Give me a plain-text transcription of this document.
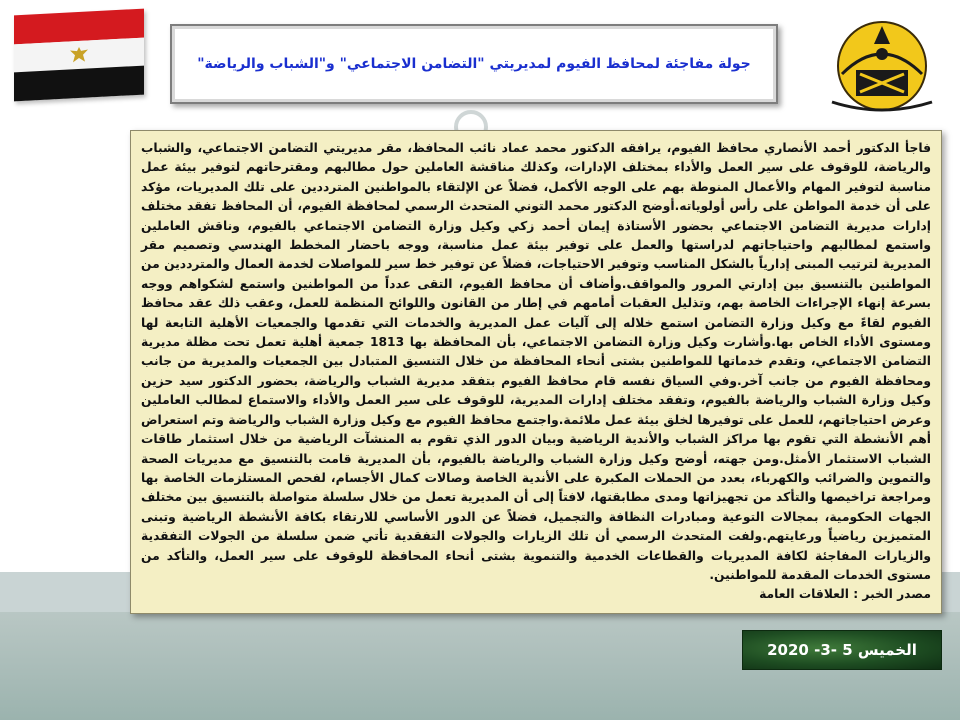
جولة مفاجئة لمحافظ الفيوم لمديريتي "التضامن الاجتماعي" و"الشباب والرياضة"

فاجأ الدكتور أحمد الأنصاري محافظ الفيوم، يرافقه الدكتور محمد عماد نائب المحافظ، مقر مديريتي التضامن الاجتماعي، والشباب والرياضة، للوقوف على سير العمل والأداء بمختلف الإدارات، وكذلك مناقشة العاملين حول مطالبهم ومقترحاتهم لتوفير بيئة عمل مناسبة لتوفير المهام والأعمال المنوطة بهم على الوجه الأكمل، فضلاً عن الإلتقاء بالمواطنين المترددين على تلك المديريات، مؤكد على أن خدمة المواطن على رأس أولوياته.أوضح الدكتور محمد التوني المتحدث الرسمي لمحافظة الفيوم، أن المحافظ تفقد مختلف إدارات مديرية التضامن الاجتماعي بحضور الأستاذة إيمان أحمد زكي وكيل وزارة التضامن الاجتماعي بالفيوم، وناقش العاملين واستمع لمطالبهم واحتياجاتهم لدراستها والعمل على توفير بيئة عمل مناسبة، ووجه باحضار المخطط الهندسي وتصميم مقر المديرية لترتيب المبنى إدارياً بالشكل المناسب وتوفير الاحتياجات، فضلاً عن توفير خط سير للمواصلات لخدمة العمال والمترددين من المواطنين بالتنسيق بين إدارتي المرور والمواقف.وأضاف أن محافظ الفيوم، التقى عدداً من المواطنين واستمع لشكواهم ووجه بسرعة إنهاء الإجراءات الخاصة بهم، وتذليل العقبات أمامهم في إطار من القانون واللوائح المنظمة للعمل، وعقب ذلك عقد محافظ الفيوم لقاءً مع وكيل وزارة التضامن استمع خلاله إلى آليات عمل المديرية والخدمات التي تقدمها والجمعيات الأهلية التابعة لها ومستوى الأداء الخاص بها.وأشارت وكيل وزارة التضامن الاجتماعي، بأن المحافظة بها 1813 جمعية أهلية تعمل تحت مظلة مديرية التضامن الاجتماعي، وتقدم خدماتها للمواطنين بشتى أنحاء المحافظة من خلال التنسيق المتبادل بين الجمعيات والمديرية من جانب ومحافظة الفيوم من جانب آخر.وفي السياق نفسه قام محافظ الفيوم بتفقد مديرية الشباب والرياضة، بحضور الدكتور سيد حزين وكيل وزارة الشباب والرياضة بالفيوم، وتفقد مختلف إدارات المديرية، للوقوف على سير العمل والأداء والاستماع لمطالب العاملين وعرض احتياجاتهم، للعمل على توفيرها لخلق بيئة عمل ملائمة.واجتمع محافظ الفيوم مع وكيل وزارة الشباب والرياضة وتم استعراض أهم الأنشطة التي تقوم بها مراكز الشباب والأندية الرياضية وبيان الدور الذي تقوم به المنشآت الرياضية من خلال استثمار طاقات الشباب الاستثمار الأمثل.ومن جهته، أوضح وكيل وزارة الشباب والرياضة بالفيوم، بأن المديرية قامت بالتنسيق مع مديريات الصحة والتموين والضرائب والكهرباء، بعدد من الحملات المكبرة على الأندية الخاصة وصالات كمال الأجسام، لفحص المستلزمات الخاصة بها ومراجعة تراخيصها والتأكد من تجهيزاتها ومدى مطابقتها، لافتاً إلى أن المديرية تعمل من خلال سلسلة متواصلة بالتنسيق بين مختلف الجهات الحكومية، بمجالات التوعية ومبادرات النظافة والتجميل، فضلاً عن الدور الأساسي للارتقاء بكافة الأنشطة الرياضية وتبنى المتميزين رياضياً ورعايتهم.ولفت المتحدث الرسمي أن تلك الزيارات والجولات التفقدية تأتي ضمن سلسلة من الجولات التفقدية والزيارات المفاجئة لكافة المديريات والقطاعات الخدمية والتنموية بشتى أنحاء المحافظة للوقوف على سير العمل، والتأكد من مستوى الخدمات المقدمة للمواطنين.

مصدر الخبر : العلاقات العامة

الخميس 5 -3- 2020
